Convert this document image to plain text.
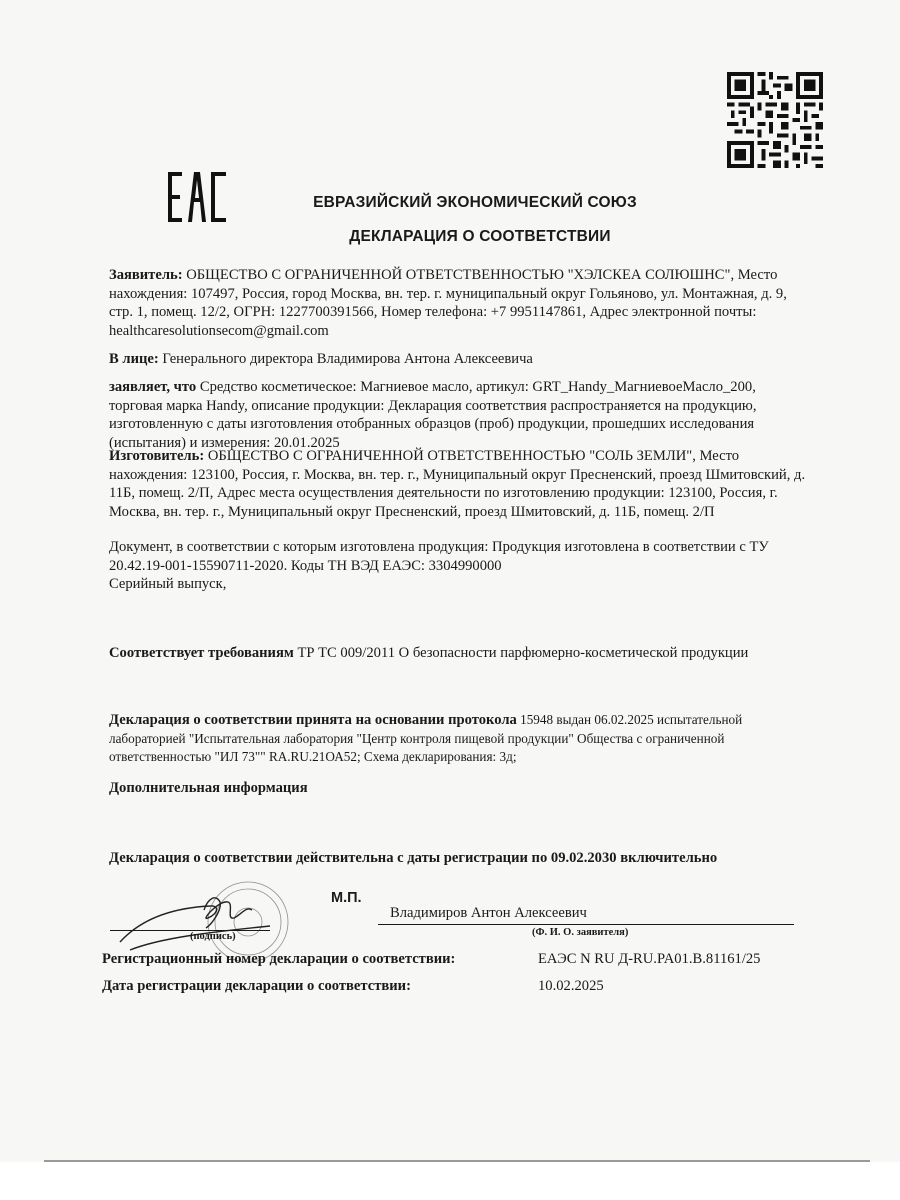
ЕВРАЗИЙСКИЙ ЭКОНОМИЧЕСКИЙ СОЮЗ
ДЕКЛАРАЦИЯ О СООТВЕТСТВИИ
Заявитель: ОБЩЕСТВО С ОГРАНИЧЕННОЙ ОТВЕТСТВЕННОСТЬЮ "ХЭЛСКЕА СОЛЮШНС", Место нахождения: 107497, Россия, город Москва, вн. тер. г. муниципальный округ Гольяново, ул. Монтажная, д. 9, стр. 1, помещ. 12/2, ОГРН: 1227700391566, Номер телефона: +7 9951147861, Адрес электронной почты: healthcaresolutionsecom@gmail.com
В лице: Генерального директора Владимирова Антона Алексеевича
заявляет, что Средство косметическое: Магниевое масло, артикул: GRT_Handy_МагниевоеМасло_200, торговая марка Handy, описание продукции: Декларация соответствия распространяется на продукцию, изготовленную с даты изготовления отобранных образцов (проб) продукции, прошедших исследования (испытания) и измерения: 20.01.2025
Изготовитель: ОБЩЕСТВО С ОГРАНИЧЕННОЙ ОТВЕТСТВЕННОСТЬЮ "СОЛЬ ЗЕМЛИ", Место нахождения: 123100, Россия, г. Москва, вн. тер. г., Муниципальный округ Пресненский, проезд Шмитовский, д. 11Б, помещ. 2/П, Адрес места осуществления деятельности по изготовлению продукции: 123100, Россия, г. Москва, вн. тер. г., Муниципальный округ Пресненский, проезд Шмитовский, д. 11Б, помещ. 2/П
Документ, в соответствии с которым изготовлена продукция: Продукция изготовлена в соответствии с ТУ 20.42.19-001-15590711-2020. Коды ТН ВЭД ЕАЭС: 3304990000
Серийный выпуск,
Соответствует требованиям ТР ТС 009/2011 О безопасности парфюмерно-косметической продукции
Декларация о соответствии принята на основании протокола 15948 выдан 06.02.2025 испытательной лабораторией "Испытательная лаборатория "Центр контроля пищевой продукции" Общества с ограниченной ответственностью "ИЛ 73"" RA.RU.21ОА52; Схема декларирования: 3д;
Дополнительная информация
Декларация о соответствии действительна с даты регистрации по 09.02.2030 включительно
М.П.
Владимиров Антон Алексеевич
(подпись)	(Ф. И. О. заявителя)
Регистрационный номер декларации о соответствии:	ЕАЭС N RU Д-RU.PA01.B.81161/25
Дата регистрации декларации о соответствии:	10.02.2025
